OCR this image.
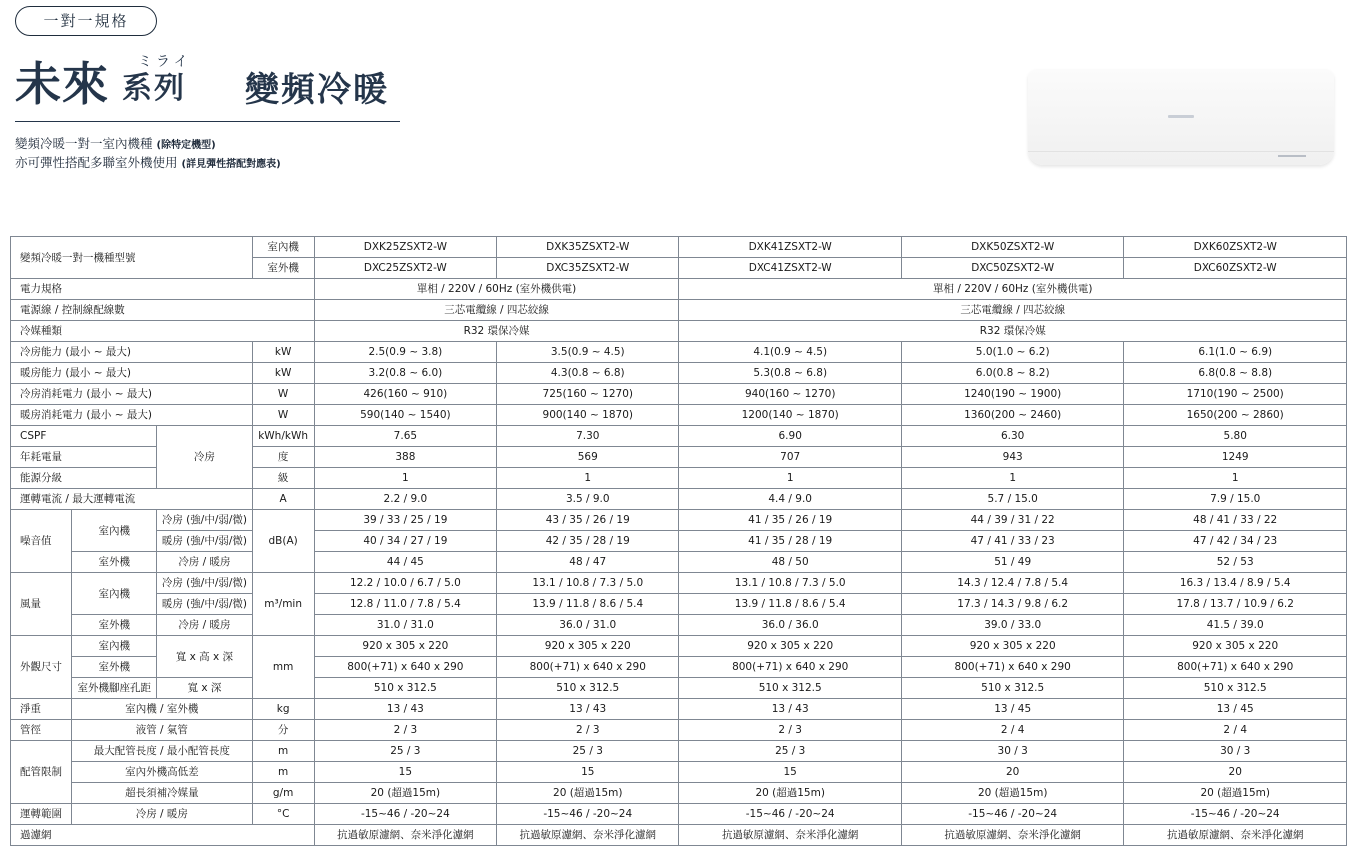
一對一規格
ミライ
未來 系列 變頻冷暖
變頻冷暖一對一室內機種 (除特定機型)
亦可彈性搭配多聯室外機使用 (詳見彈性搭配對應表)
變頻冷暖一對一機種型號			室內機	DXK25ZSXT2-W	DXK35ZSXT2-W	DXK41ZSXT2-W	DXK50ZSXT2-W	DXK60ZSXT2-W
			室外機	DXC25ZSXT2-W	DXC35ZSXT2-W	DXC41ZSXT2-W	DXC50ZSXT2-W	DXC60ZSXT2-W
電力規格				單相 / 220V / 60Hz (室外機供電)		單相 / 220V / 60Hz (室外機供電)		
電源線 / 控制線配線數				三芯電纜線 / 四芯絞線		三芯電纜線 / 四芯絞線		
冷媒種類				R32 環保冷媒		R32 環保冷媒		
冷房能力 (最小 ~ 最大)			kW	2.5(0.9 ~ 3.8)	3.5(0.9 ~ 4.5)	4.1(0.9 ~ 4.5)	5.0(1.0 ~ 6.2)	6.1(1.0 ~ 6.9)
暖房能力 (最小 ~ 最大)			kW	3.2(0.8 ~ 6.0)	4.3(0.8 ~ 6.8)	5.3(0.8 ~ 6.8)	6.0(0.8 ~ 8.2)	6.8(0.8 ~ 8.8)
冷房消耗電力 (最小 ~ 最大)			W	426(160 ~ 910)	725(160 ~ 1270)	940(160 ~ 1270)	1240(190 ~ 1900)	1710(190 ~ 2500)
暖房消耗電力 (最小 ~ 最大)			W	590(140 ~ 1540)	900(140 ~ 1870)	1200(140 ~ 1870)	1360(200 ~ 2460)	1650(200 ~ 2860)
CSPF		冷房	kWh/kWh	7.65	7.30	6.90	6.30	5.80
年耗電量			度	388	569	707	943	1249
能源分級			級	1	1	1	1	1
運轉電流 / 最大運轉電流			A	2.2 / 9.0	3.5 / 9.0	4.4 / 9.0	5.7 / 15.0	7.9 / 15.0
噪音值	室內機	冷房 (強/中/弱/微)	dB(A)	39 / 33 / 25 / 19	43 / 35 / 26 / 19	41 / 35 / 26 / 19	44 / 39 / 31 / 22	48 / 41 / 33 / 22
		暖房 (強/中/弱/微)		40 / 34 / 27 / 19	42 / 35 / 28 / 19	41 / 35 / 28 / 19	47 / 41 / 33 / 23	47 / 42 / 34 / 23
	室外機	冷房 / 暖房		44 / 45	48 / 47	48 / 50	51 / 49	52 / 53
風量	室內機	冷房 (強/中/弱/微)	m³/min	12.2 / 10.0 / 6.7 / 5.0	13.1 / 10.8 / 7.3 / 5.0	13.1 / 10.8 / 7.3 / 5.0	14.3 / 12.4 / 7.8 / 5.4	16.3 / 13.4 / 8.9 / 5.4
		暖房 (強/中/弱/微)		12.8 / 11.0 / 7.8 / 5.4	13.9 / 11.8 / 8.6 / 5.4	13.9 / 11.8 / 8.6 / 5.4	17.3 / 14.3 / 9.8 / 6.2	17.8 / 13.7 / 10.9 / 6.2
	室外機	冷房 / 暖房		31.0 / 31.0	36.0 / 31.0	36.0 / 36.0	39.0 / 33.0	41.5 / 39.0
外觀尺寸	室內機	寬 x 高 x 深	mm	920 x 305 x 220	920 x 305 x 220	920 x 305 x 220	920 x 305 x 220	920 x 305 x 220
	室外機			800(+71) x 640 x 290	800(+71) x 640 x 290	800(+71) x 640 x 290	800(+71) x 640 x 290	800(+71) x 640 x 290
	室外機腳座孔距	寬 x 深		510 x 312.5	510 x 312.5	510 x 312.5	510 x 312.5	510 x 312.5
淨重	室內機 / 室外機		kg	13 / 43	13 / 43	13 / 43	13 / 45	13 / 45
管徑	液管 / 氣管		分	2 / 3	2 / 3	2 / 3	2 / 4	2 / 4
配管限制	最大配管長度 / 最小配管長度		m	25 / 3	25 / 3	25 / 3	30 / 3	30 / 3
	室內外機高低差		m	15	15	15	20	20
	超長須補冷媒量		g/m	20 (超過15m)	20 (超過15m)	20 (超過15m)	20 (超過15m)	20 (超過15m)
運轉範圍	冷房 / 暖房		°C	-15~46 / -20~24	-15~46 / -20~24	-15~46 / -20~24	-15~46 / -20~24	-15~46 / -20~24
過濾網				抗過敏原濾網、奈米淨化濾網	抗過敏原濾網、奈米淨化濾網	抗過敏原濾網、奈米淨化濾網	抗過敏原濾網、奈米淨化濾網	抗過敏原濾網、奈米淨化濾網
